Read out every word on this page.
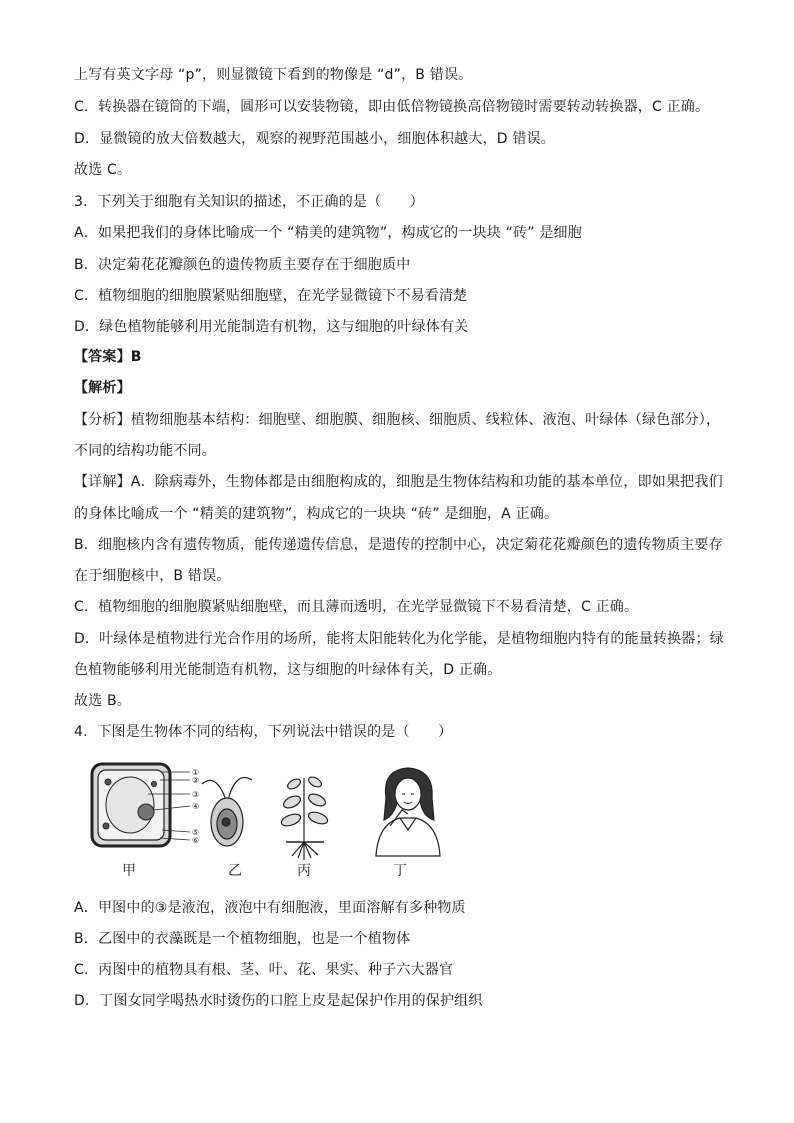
上写有英文字母 “p”，则显微镜下看到的物像是 “d”，B 错误。
C．转换器在镜筒的下端，圆形可以安装物镜，即由低倍物镜换高倍物镜时需要转动转换器，C 正确。
D．显微镜的放大倍数越大，观察的视野范围越小，细胞体积越大，D 错误。
故选 C。
3．下列关于细胞有关知识的描述，不正确的是（　　）
A．如果把我们的身体比喻成一个 “精美的建筑物”，构成它的一块块 “砖” 是细胞
B．决定菊花花瓣颜色的遗传物质主要存在于细胞质中
C．植物细胞的细胞膜紧贴细胞壁，在光学显微镜下不易看清楚
D．绿色植物能够利用光能制造有机物，这与细胞的叶绿体有关
【答案】B
【解析】
【分析】植物细胞基本结构：细胞壁、细胞膜、细胞核、细胞质、线粒体、液泡、叶绿体（绿色部分），
不同的结构功能不同。
【详解】A．除病毒外，生物体都是由细胞构成的，细胞是生物体结构和功能的基本单位，即如果把我们
的身体比喻成一个 “精美的建筑物”，构成它的一块块 “砖” 是细胞，A 正确。
B．细胞核内含有遗传物质，能传递遗传信息，是遗传的控制中心，决定菊花花瓣颜色的遗传物质主要存
在于细胞核中，B 错误。
C．植物细胞的细胞膜紧贴细胞壁，而且薄而透明，在光学显微镜下不易看清楚，C 正确。
D．叶绿体是植物进行光合作用的场所，能将太阳能转化为化学能，是植物细胞内特有的能量转换器；绿
色植物能够利用光能制造有机物，这与细胞的叶绿体有关，D 正确。
故选 B。
4．下图是生物体不同的结构，下列说法中错误的是（　　）
①
②
③
④
⑤
⑥
甲	乙	丙	丁
A．甲图中的③是液泡，液泡中有细胞液，里面溶解有多种物质
B．乙图中的衣藻既是一个植物细胞，也是一个植物体
C．丙图中的植物具有根、茎、叶、花、果实、种子六大器官
D．丁图女同学喝热水时烫伤的口腔上皮是起保护作用的保护组织
